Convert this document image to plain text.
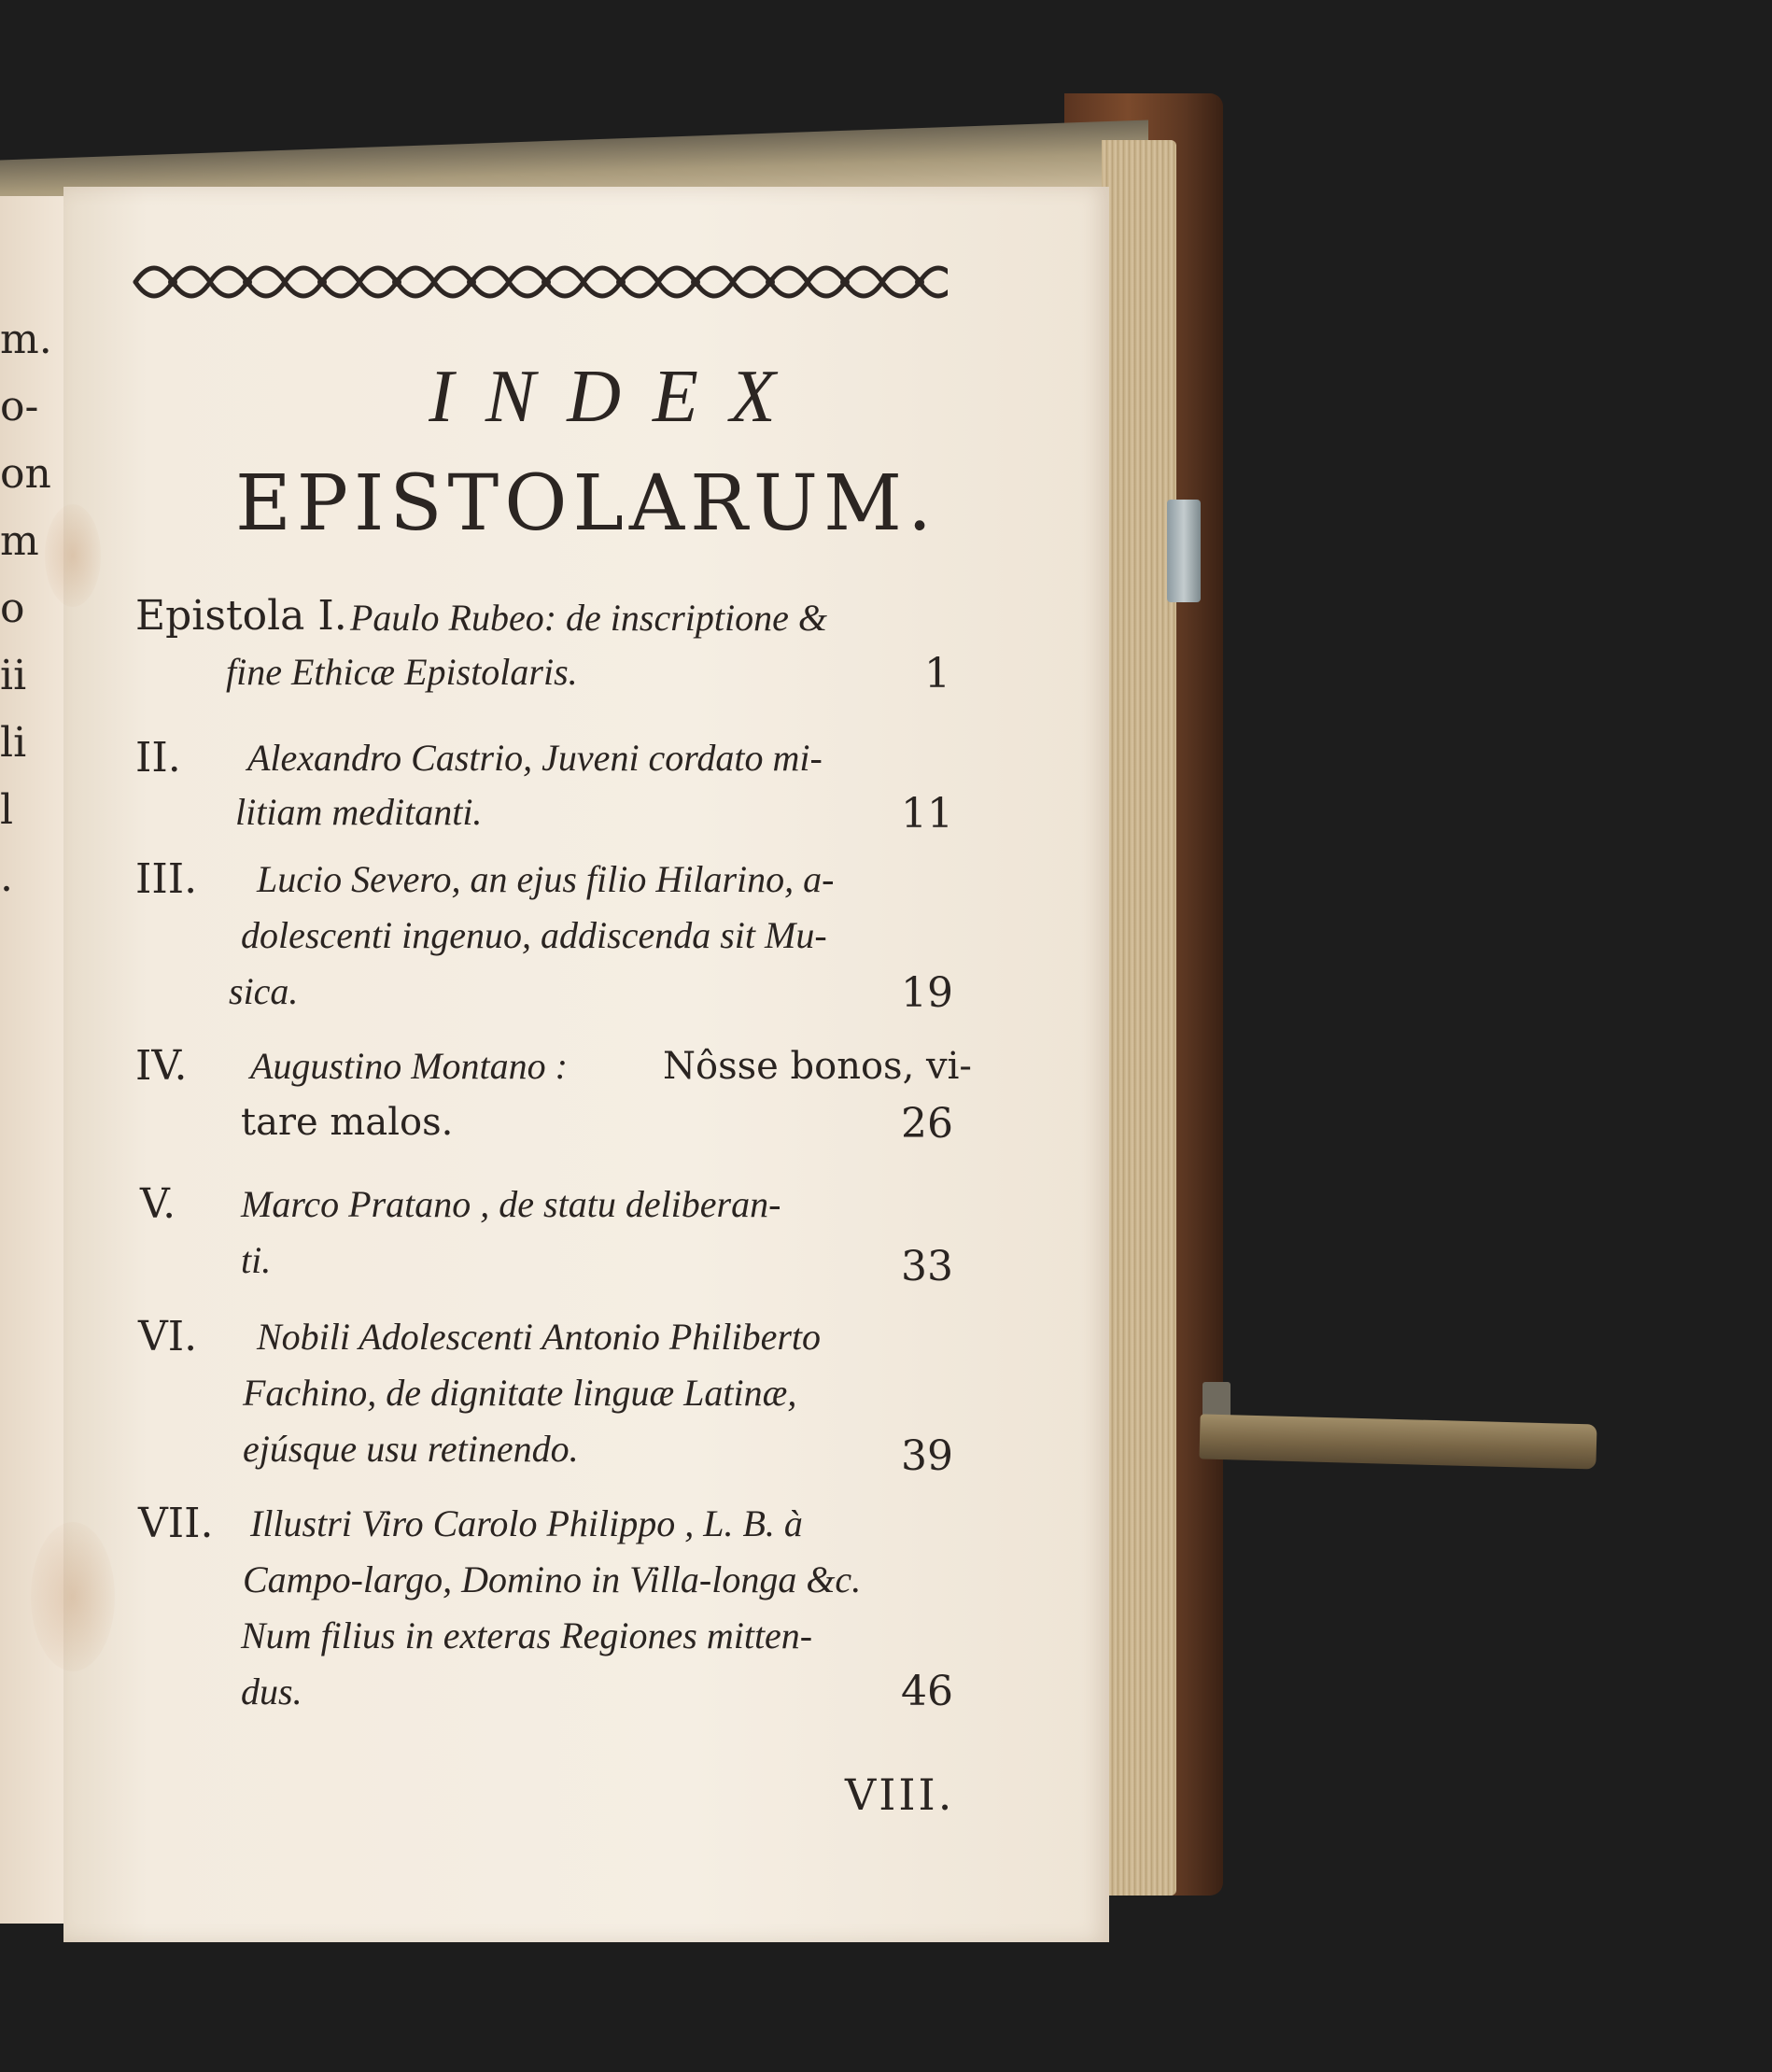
m.
o-
on
m
o
ii
li
l
.
INDEX
EPISTOLARUM.
Epistola I. Paulo Rubeo: de inscriptione &
fine Ethicæ Epistolaris.	1
II. Alexandro Castrio, Juveni cordato mi-
litiam meditanti.	11
III. Lucio Severo, an ejus filio Hilarino, a-
dolescenti ingenuo, addiscenda sit Mu-
sica.	19
IV. Augustino Montano :	Nôsse bonos, vi-
tare malos.	26
V. Marco Pratano , de statu deliberan-
ti.	33
VI. Nobili Adolescenti Antonio Philiberto
Fachino, de dignitate linguæ Latinæ,
ejúsque usu retinendo.	39
VII. Illustri Viro Carolo Philippo , L. B. à
Campo-largo, Domino in Villa-longa &c.
Num filius in exteras Regiones mitten-
dus.	46
VIII.
